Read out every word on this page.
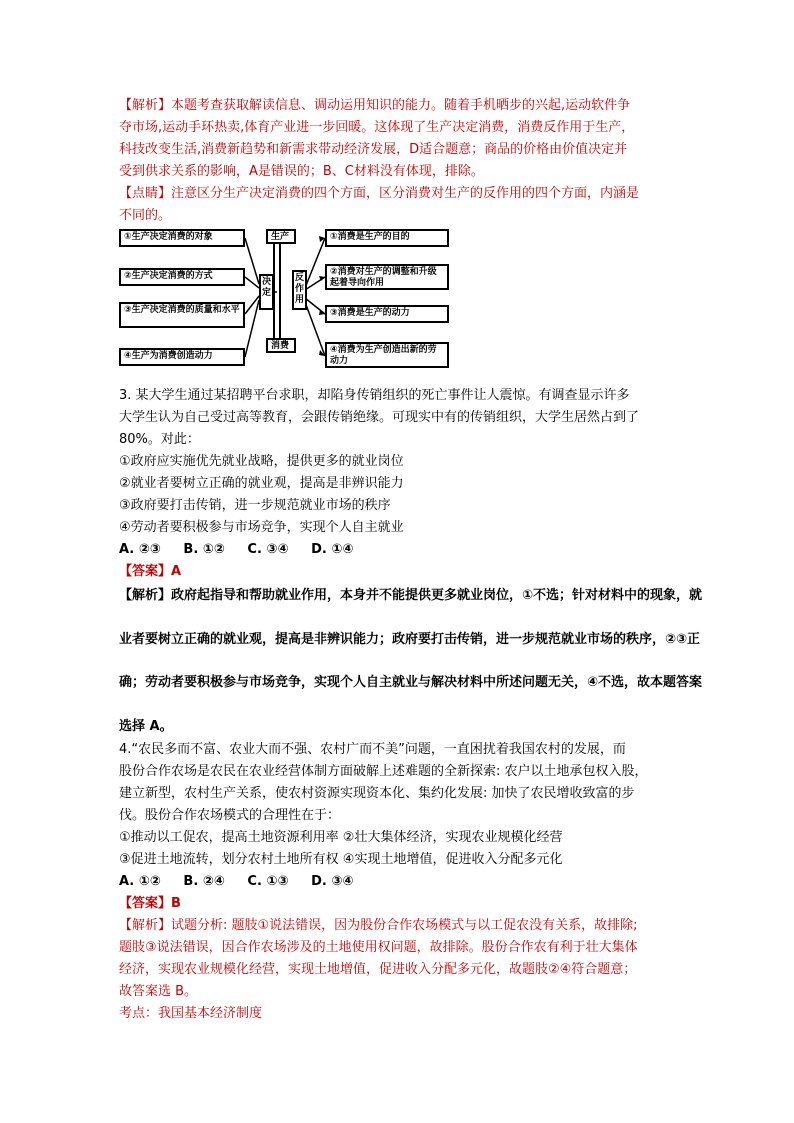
【解析】本题考查获取解读信息、调动运用知识的能力。随着手机晒步的兴起,运动软件争
夺市场,运动手环热卖,体育产业进一步回暖。这体现了生产决定消费，消费反作用于生产，
科技改变生活,消费新趋势和新需求带动经济发展，D适合题意；商品的价格由价值决定并
受到供求关系的影响，A是错误的；B、C材料没有体现，排除。
【点睛】注意区分生产决定消费的四个方面，区分消费对生产的反作用的四个方面，内涵是
不同的。
①生产决定消费的对象
②生产决定消费的方式
③生产决定消费的质量和水平
④生产为消费创造动力
决定
生产
消费
反作用
①消费是生产的目的
②消费对生产的调整和升级起着导向作用
③消费是生产的动力
④消费为生产创造出新的劳动力
3. 某大学生通过某招聘平台求职，却陷身传销组织的死亡事件让人震惊。有调查显示许多
大学生认为自己受过高等教育，会跟传销绝缘。可现实中有的传销组织，大学生居然占到了
80%。对此：
①政府应实施优先就业战略，提供更多的就业岗位
②就业者要树立正确的就业观，提高是非辨识能力
③政府要打击传销，进一步规范就业市场的秩序
④劳动者要积极参与市场竞争，实现个人自主就业
A. ②③     B. ①②     C. ③④     D. ①④
【答案】A
【解析】政府起指导和帮助就业作用，本身并不能提供更多就业岗位，①不选；针对材料中的现象，就
业者要树立正确的就业观，提高是非辨识能力；政府要打击传销，进一步规范就业市场的秩序，②③正
确；劳动者要积极参与市场竞争，实现个人自主就业与解决材料中所述问题无关，④不选，故本题答案
选择 A。
4.“农民多而不富、农业大而不强、农村广而不美”问题，一直困扰着我国农村的发展，而
股份合作农场是农民在农业经营体制方面破解上述难题的全新探索: 农户以土地承包权入股，
建立新型，农村生产关系，使农村资源实现资本化、集约化发展: 加快了农民增收致富的步
伐。股份合作农场模式的合理性在于：
①推动以工促农，提高土地资源利用率 ②壮大集体经济，实现农业规模化经营
③促进土地流转，划分农村土地所有权 ④实现土地增值，促进收入分配多元化
A. ①②     B. ②④     C. ①③     D. ③④
【答案】B
【解析】试题分析: 题肢①说法错误，因为股份合作农场模式与以工促农没有关系，故排除;
题肢③说法错误，因合作农场涉及的土地使用权问题，故排除。股份合作农有利于壮大集体
经济，实现农业规模化经营，实现土地增值，促进收入分配多元化，故题肢②④符合题意；
故答案选 B。
考点：我国基本经济制度
